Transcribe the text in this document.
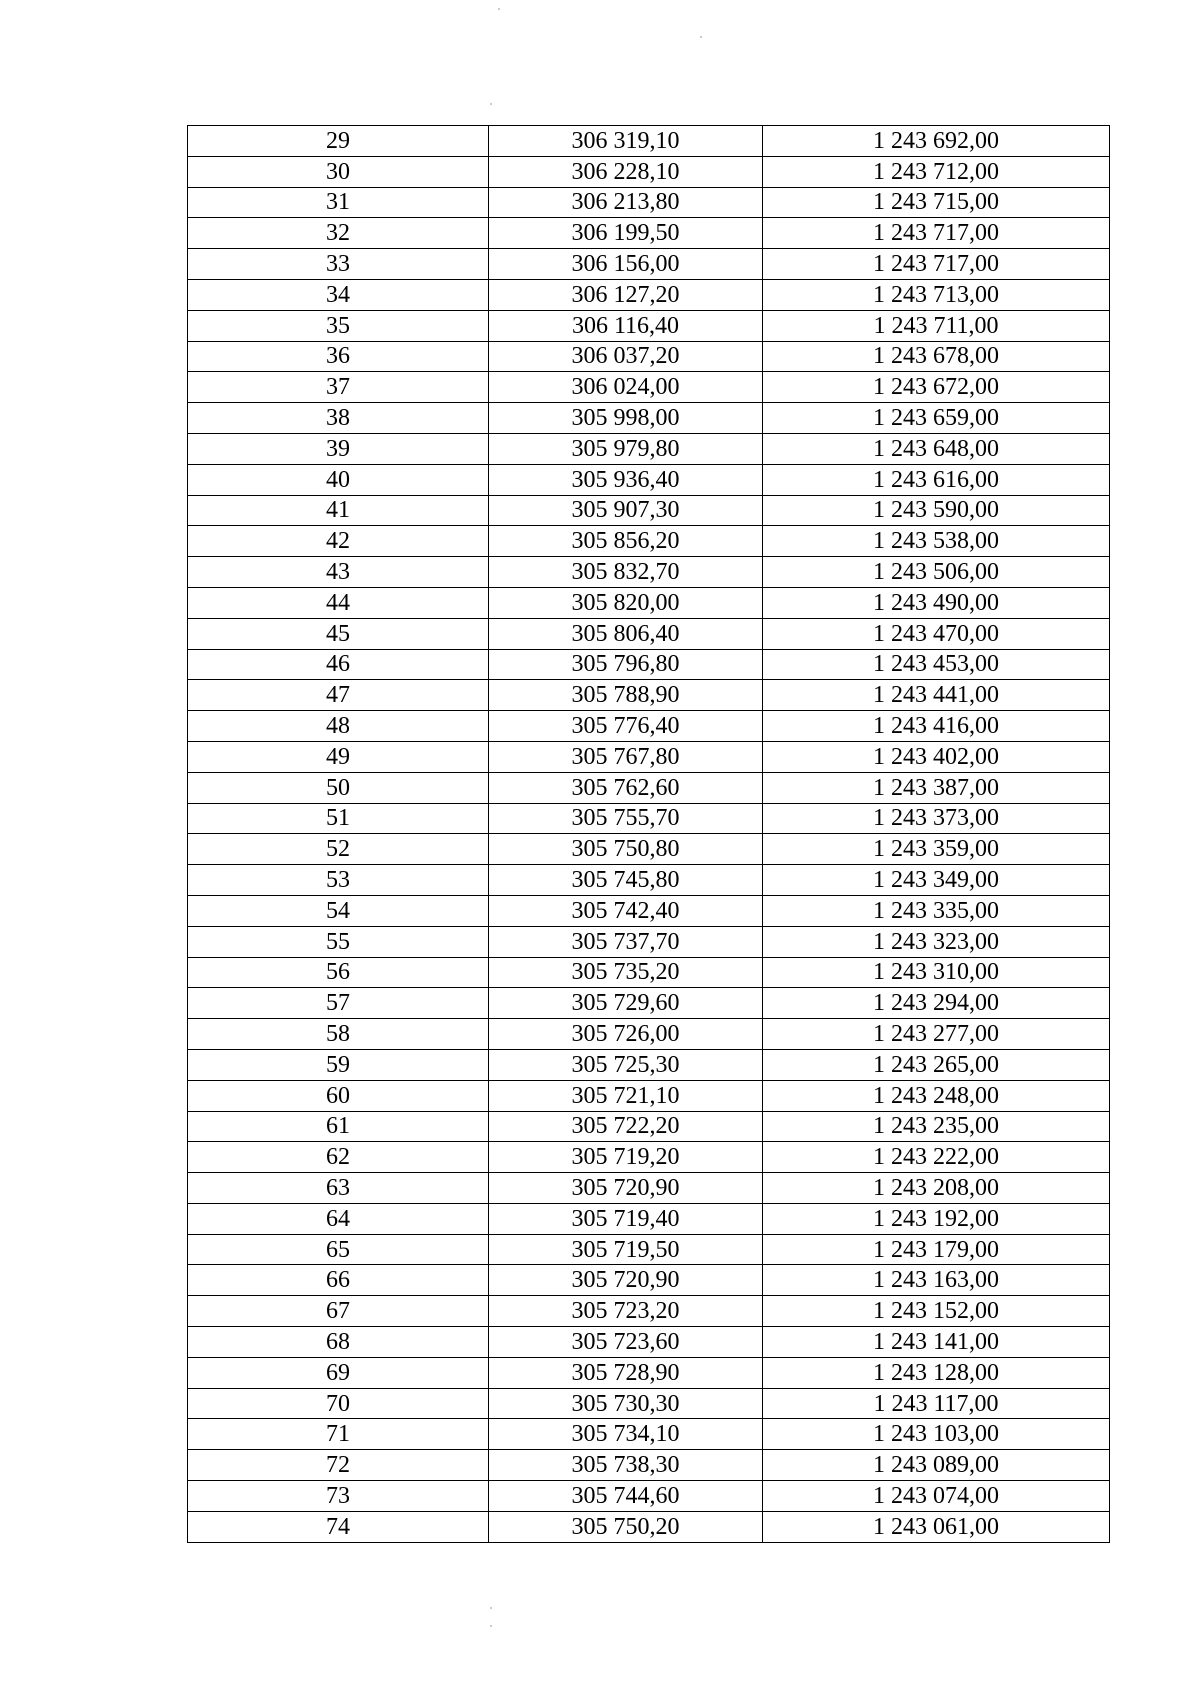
29	306 319,10	1 243 692,00
30	306 228,10	1 243 712,00
31	306 213,80	1 243 715,00
32	306 199,50	1 243 717,00
33	306 156,00	1 243 717,00
34	306 127,20	1 243 713,00
35	306 116,40	1 243 711,00
36	306 037,20	1 243 678,00
37	306 024,00	1 243 672,00
38	305 998,00	1 243 659,00
39	305 979,80	1 243 648,00
40	305 936,40	1 243 616,00
41	305 907,30	1 243 590,00
42	305 856,20	1 243 538,00
43	305 832,70	1 243 506,00
44	305 820,00	1 243 490,00
45	305 806,40	1 243 470,00
46	305 796,80	1 243 453,00
47	305 788,90	1 243 441,00
48	305 776,40	1 243 416,00
49	305 767,80	1 243 402,00
50	305 762,60	1 243 387,00
51	305 755,70	1 243 373,00
52	305 750,80	1 243 359,00
53	305 745,80	1 243 349,00
54	305 742,40	1 243 335,00
55	305 737,70	1 243 323,00
56	305 735,20	1 243 310,00
57	305 729,60	1 243 294,00
58	305 726,00	1 243 277,00
59	305 725,30	1 243 265,00
60	305 721,10	1 243 248,00
61	305 722,20	1 243 235,00
62	305 719,20	1 243 222,00
63	305 720,90	1 243 208,00
64	305 719,40	1 243 192,00
65	305 719,50	1 243 179,00
66	305 720,90	1 243 163,00
67	305 723,20	1 243 152,00
68	305 723,60	1 243 141,00
69	305 728,90	1 243 128,00
70	305 730,30	1 243 117,00
71	305 734,10	1 243 103,00
72	305 738,30	1 243 089,00
73	305 744,60	1 243 074,00
74	305 750,20	1 243 061,00
